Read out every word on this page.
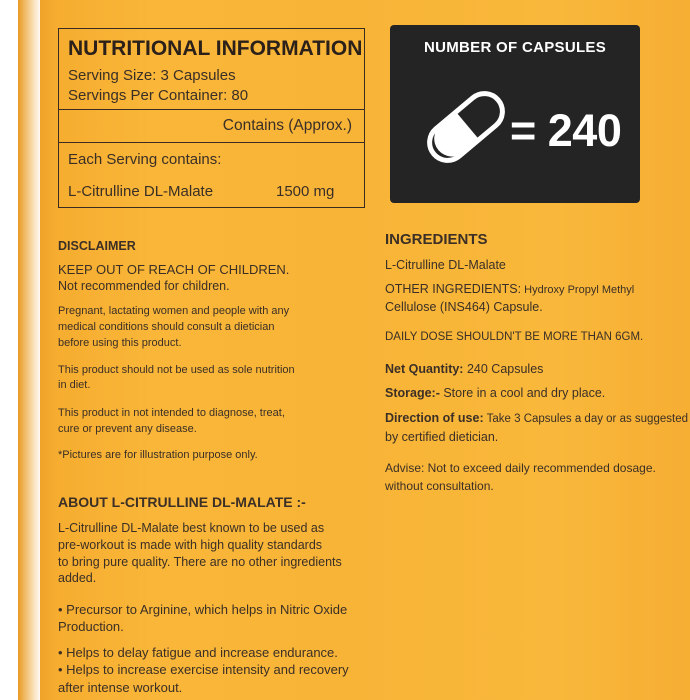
NUTRITIONAL INFORMATION
Serving Size: 3 Capsules
Servings Per Container: 80
Contains (Approx.)
Each Serving contains:
L-Citrulline DL-Malate	1500 mg
NUMBER OF CAPSULES
= 240
DISCLAIMER
KEEP OUT OF REACH OF CHILDREN.
Not recommended for children.
Pregnant, lactating women and people with any
medical conditions should consult a dietician
before using this product.
This product should not be used as sole nutrition
in diet.
This product in not intended to diagnose, treat,
cure or prevent any disease.
*Pictures are for illustration purpose only.
ABOUT L-CITRULLINE DL-MALATE :-
L-Citrulline DL-Malate best known to be used as
pre-workout is made with high quality standards
to bring pure quality. There are no other ingredients
added.
• Precursor to Arginine, which helps in Nitric Oxide
Production.
• Helps to delay fatigue and increase endurance.
• Helps to increase exercise intensity and recovery
after intense workout.
INGREDIENTS
L-Citrulline DL-Malate
OTHER INGREDIENTS: Hydroxy Propyl Methyl
Cellulose (INS464) Capsule.
DAILY DOSE SHOULDN'T BE MORE THAN 6GM.
Net Quantity: 240 Capsules
Storage:- Store in a cool and dry place.
Direction of use: Take 3 Capsules a day or as suggested
by certified dietician.
Advise: Not to exceed daily recommended dosage.
without consultation.
